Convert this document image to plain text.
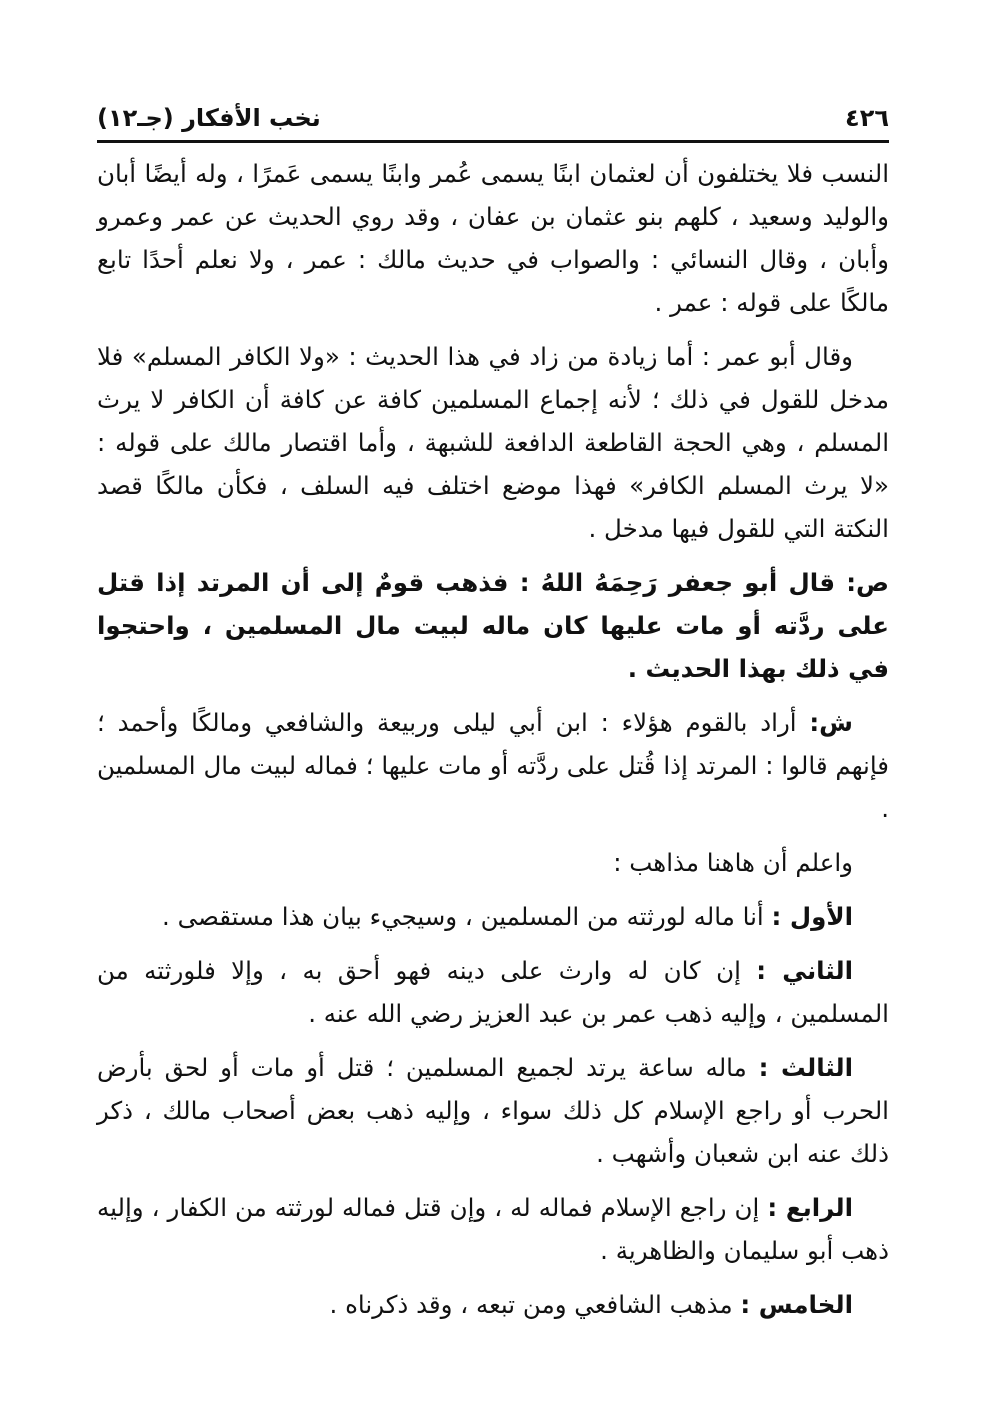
٤٢٦
نخب الأفكار (جـ١٢)

النسب فلا يختلفون أن لعثمان ابنًا يسمى عُمر وابنًا يسمى عَمرًا ، وله أيضًا أبان والوليد وسعيد ، كلهم بنو عثمان بن عفان ، وقد روي الحديث عن عمر وعمرو وأبان ، وقال النسائي : والصواب في حديث مالك : عمر ، ولا نعلم أحدًا تابع مالكًا على قوله : عمر .

وقال أبو عمر : أما زيادة من زاد في هذا الحديث : «ولا الكافر المسلم» فلا مدخل للقول في ذلك ؛ لأنه إجماع المسلمين كافة عن كافة أن الكافر لا يرث المسلم ، وهي الحجة القاطعة الدافعة للشبهة ، وأما اقتصار مالك على قوله : «لا يرث المسلم الكافر» فهذا موضع اختلف فيه السلف ، فكأن مالكًا قصد النكتة التي للقول فيها مدخل .

ص: قال أبو جعفر رَحِمَهُ اللهُ : فذهب قومٌ إلى أن المرتد إذا قتل على ردَّته أو مات عليها كان ماله لبيت مال المسلمين ، واحتجوا في ذلك بهذا الحديث .

ش: أراد بالقوم هؤلاء : ابن أبي ليلى وربيعة والشافعي ومالكًا وأحمد ؛ فإنهم قالوا : المرتد إذا قُتل على ردَّته أو مات عليها ؛ فماله لبيت مال المسلمين .

واعلم أن هاهنا مذاهب :

الأول : أنا ماله لورثته من المسلمين ، وسيجيء بيان هذا مستقصى .

الثاني : إن كان له وارث على دينه فهو أحق به ، وإلا فلورثته من المسلمين ، وإليه ذهب عمر بن عبد العزيز رضي الله عنه .

الثالث : ماله ساعة يرتد لجميع المسلمين ؛ قتل أو مات أو لحق بأرض الحرب أو راجع الإسلام كل ذلك سواء ، وإليه ذهب بعض أصحاب مالك ، ذكر ذلك عنه ابن شعبان وأشهب .

الرابع : إن راجع الإسلام فماله له ، وإن قتل فماله لورثته من الكفار ، وإليه ذهب أبو سليمان والظاهرية .

الخامس : مذهب الشافعي ومن تبعه ، وقد ذكرناه .
